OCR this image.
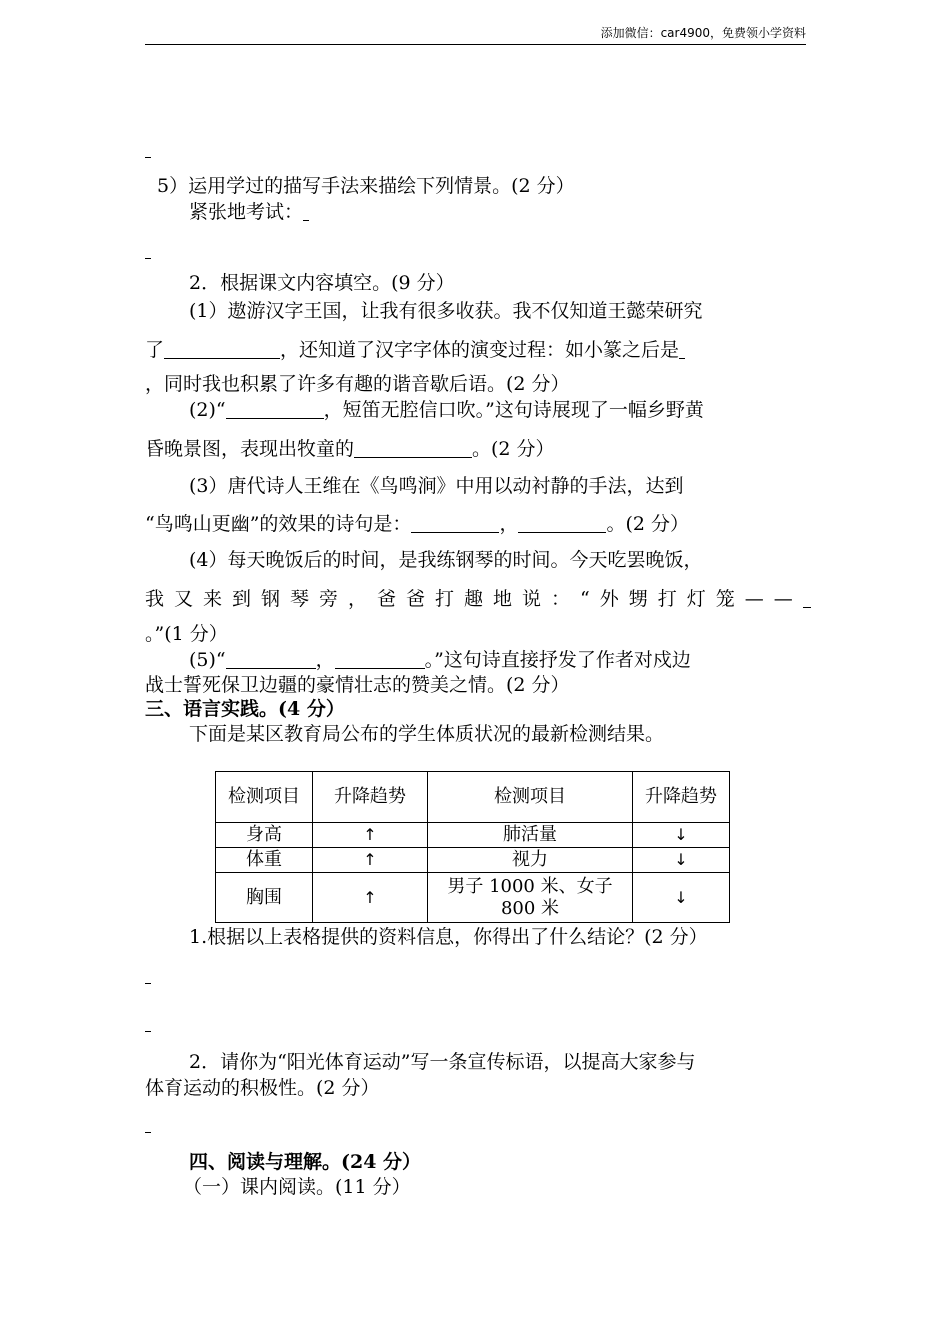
添加微信：car4900，免费领小学资料
5）运用学过的描写手法来描绘下列情景。(2 分）
紧张地考试：
2．根据课文内容填空。(9 分）
(1）遨游汉字王国，让我有很多收获。我不仅知道王懿荣研究
了	，还知道了汉字字体的演变过程：如小篆之后是
，同时我也积累了许多有趣的谐音歇后语。(2 分）
(2)“	，短笛无腔信口吹。”这句诗展现了一幅乡野黄
昏晚景图，表现出牧童的	。(2 分）
(3）唐代诗人王维在《鸟鸣涧》中用以动衬静的手法，达到
“鸟鸣山更幽”的效果的诗句是：	，	。(2 分）
(4）每天晚饭后的时间，是我练钢琴的时间。今天吃罢晚饭，
我又来到钢琴旁，爸爸打趣地说：“外甥打灯笼——
。”(1 分）
(5)“	，	。”这句诗直接抒发了作者对戍边
战士誓死保卫边疆的豪情壮志的赞美之情。(2 分）
三、语言实践。(4 分）
下面是某区教育局公布的学生体质状况的最新检测结果。
检测项目	升降趋势	检测项目	升降趋势
身高	↑	肺活量	↓
体重	↑	视力	↓
胸围	↑	男子 1000 米、女子 800 米	↓
1.根据以上表格提供的资料信息，你得出了什么结论？(2 分）
2．请你为“阳光体育运动”写一条宣传标语，以提高大家参与
体育运动的积极性。(2 分）
四、阅读与理解。(24 分）
（一）课内阅读。(11 分）
